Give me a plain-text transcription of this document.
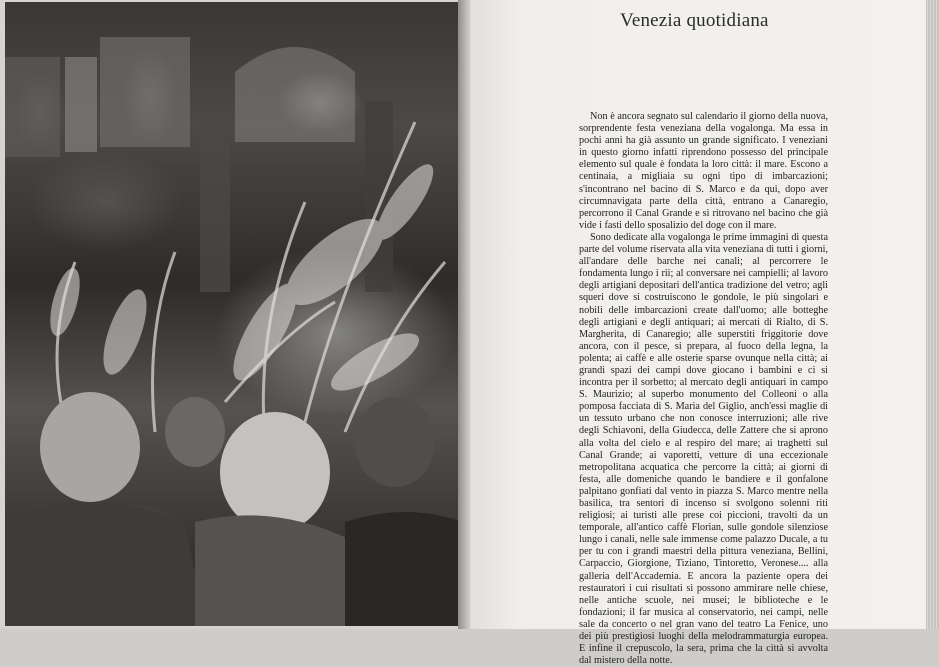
Venezia quotidiana

Non è ancora segnato sul calendario il giorno della nuova, sorprendente festa veneziana della vogalonga. Ma essa in pochi anni ha già assunto un grande significato. I veneziani in questo giorno infatti riprendono possesso del principale elemento sul quale è fondata la loro città: il mare. Escono a centinaia, a migliaia su ogni tipo di imbarcazioni; s'incontrano nel bacino di S. Marco e da qui, dopo aver circumnavigata parte della città, entrano a Canaregio, percorrono il Canal Grande e si ritrovano nel bacino che già vide i fasti dello sposalizio del doge con il mare.

Sono dedicate alla vogalonga le prime immagini di questa parte del volume riservata alla vita veneziana di tutti i giorni, all'andare delle barche nei canali; al percorrere le fondamenta lungo i rii; al conversare nei campielli; al lavoro degli artigiani depositari dell'antica tradizione del vetro; agli squeri dove si costruiscono le gondole, le più singolari e nobili delle imbarcazioni create dall'uomo; alle botteghe degli artigiani e degli antiquari; ai mercati di Rialto, di S. Margherita, di Canaregio; alle superstiti friggitorie dove ancora, con il pesce, si prepara, al fuoco della legna, la polenta; ai caffè e alle osterie sparse ovunque nella città; ai grandi spazi dei campi dove giocano i bambini e ci si incontra per il sorbetto; al mercato degli antiquari in campo S. Maurizio; al superbo monumento del Colleoni o alla pomposa facciata di S. Maria del Giglio, anch'essi maglie di un tessuto urbano che non conosce interruzioni; alle rive degli Schiavoni, della Giudecca, delle Zattere che si aprono alla volta del cielo e al respiro del mare; ai traghetti sul Canal Grande; ai vaporetti, vetture di una eccezionale metropolitana acquatica che percorre la città; ai giorni di festa, alle domeniche quando le bandiere e il gonfalone palpitano gonfiati dal vento in piazza S. Marco mentre nella basilica, tra sentori di incenso si svolgono solenni riti religiosi; ai turisti alle prese coi piccioni, travolti da un temporale, all'antico caffè Florian, sulle gondole silenziose lungo i canali, nelle sale immense come palazzo Ducale, a tu per tu con i grandi maestri della pittura veneziana, Bellini, Carpaccio, Giorgione, Tiziano, Tintoretto, Veronese.... alla galleria dell'Accademia. E ancora la paziente opera dei restauratori i cui risultati si possono ammirare nelle chiese, nelle antiche scuole, nei musei; le biblioteche e le fondazioni; il far musica al conservatorio, nei campi, nelle sale da concerto o nel gran vano del teatro La Fenice, uno dei più prestigiosi luoghi della melodrammaturgia europea. E infine il crepuscolo, la sera, prima che la città si avvolta dal mistero della notte.
